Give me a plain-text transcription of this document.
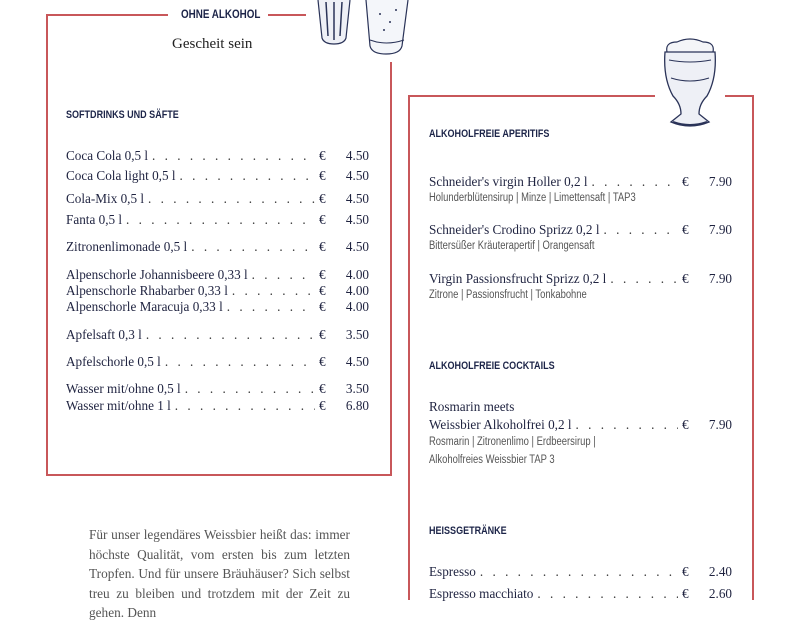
OHNE ALKOHOL
Gescheit sein
SOFTDRINKS UND SÄFTE
Coca Cola 0,5 l . . .	€	4.50
Coca Cola light 0,5 l . . .	€	4.50
Cola-Mix 0,5 l . . .	€	4.50
Fanta 0,5 l . . .	€	4.50
Zitronenlimonade 0,5 l . . .	€	4.50
Alpenschorle Johannisbeere 0,33 l . . .	€	4.00
Alpenschorle Rhabarber 0,33 l . . .	€	4.00
Alpenschorle Maracuja 0,33 l . . .	€	4.00
Apfelsaft 0,3 l . . .	€	3.50
Apfelschorle 0,5 l . . .	€	4.50
Wasser mit/ohne 0,5 l . . .	€	3.50
Wasser mit/ohne 1 l . . .	€	6.80
ALKOHOLFREIE APERITIFS
Schneider's virgin Holler 0,2 l . . .	€	7.90
Holunderblütensirup | Minze | Limettensaft | TAP3
Schneider's Crodino Sprizz 0,2 l . . .	€	7.90
Bittersüßer Kräuterapertif | Orangensaft
Virgin Passionsfrucht Sprizz 0,2 l . . .	€	7.90
Zitrone | Passionsfrucht | Tonkabohne
ALKOHOLFREIE COCKTAILS
Rosmarin meets
Weissbier Alkoholfrei 0,2 l . . .	€	7.90
Rosmarin | Zitronenlimo | Erdbeersirup |
Alkoholfreies Weissbier TAP 3
HEISSGETRÄNKE
Espresso . . .	€	2.40
Espresso macchiato . . .	€	2.60
Für unser legendäres Weissbier heißt das: immer höchste Qualität, vom ersten bis zum letzten Tropfen. Und für unsere Bräuhäuser? Sich selbst treu zu bleiben und trotzdem mit der Zeit zu gehen. Denn
